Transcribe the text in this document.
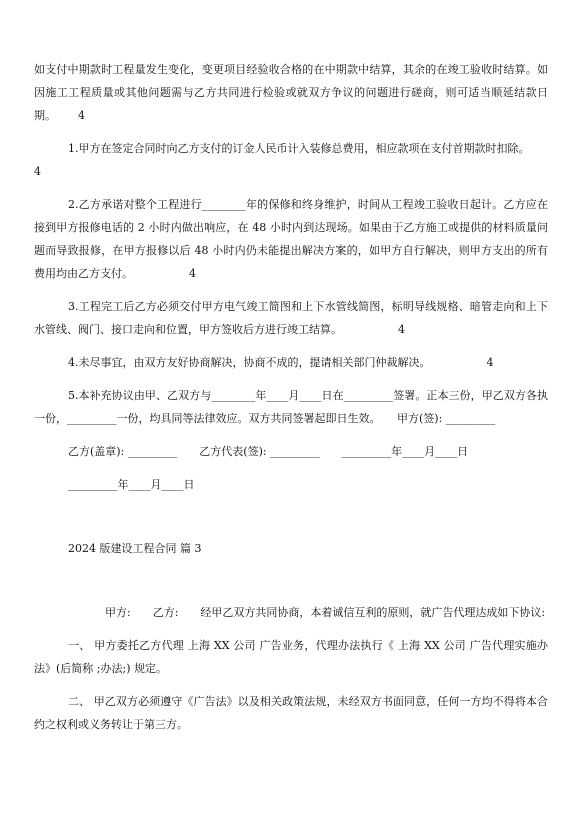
如支付中期款时工程量发生变化，变更项目经验收合格的在中期款中结算，其余的在竣工验收时结算。如因施工工程质量或其他问题需与乙方共同进行检验或就双方争议的问题进行磋商，则可适当顺延结款日期。 4

1.甲方在签定合同时向乙方支付的订金人民币计入装修总费用，相应款项在支付首期款时扣除。

4

2.乙方承诺对整个工程进行________年的保修和终身维护，时间从工程竣工验收日起计。乙方应在接到甲方报修电话的 2 小时内做出响应，在 48 小时内到达现场。如果由于乙方施工或提供的材料质量问题而导致报修，在甲方报修以后 48 小时内仍未能提出解决方案的，如甲方自行解决，则甲方支出的所有费用均由乙方支付。	4

3.工程完工后乙方必须交付甲方电气竣工简图和上下水管线简图，标明导线规格、暗管走向和上下水管线、阀门、接口走向和位置，甲方签收后方进行竣工结算。	4

4.未尽事宜，由双方友好协商解决，协商不成的，提请相关部门仲裁解决。	4

5.本补充协议由甲、乙双方与________年____月____日在_________签署。正本三份，甲乙双方各执一份，_________一份，均具同等法律效应。双方共同签署起即日生效。　　甲方(签): _________

乙方(盖章): _________　　乙方代表(签): _________　　_________年____月____日

_________年____月____日

2024 版建设工程合同 篇 3

甲方:　　乙方:　　经甲乙双方共同协商，本着诚信互利的原则，就广告代理达成如下协议:

一、 甲方委托乙方代理 上海 XX 公司 广告业务，代理办法执行《 上海 XX 公司 广告代理实施办法》(后简称 ;办法;) 规定。

二、 甲乙双方必须遵守《广告法》以及相关政策法规，未经双方书面同意，任何一方均不得将本合约之权利或义务转让于第三方。
